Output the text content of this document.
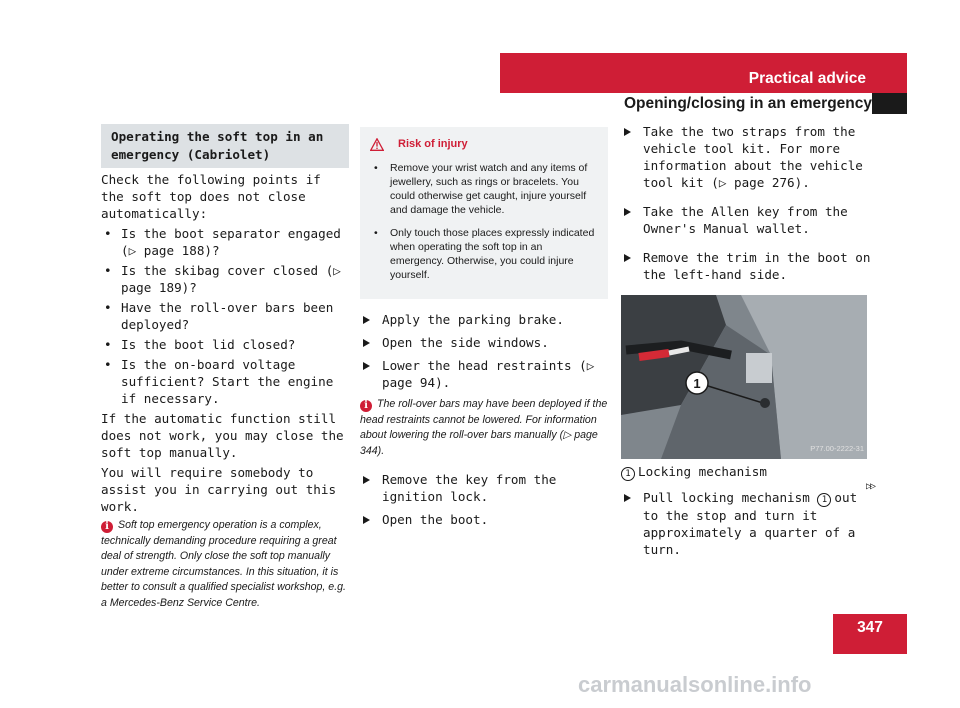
Practical advice
Opening/closing in an emergency
Operating the soft top in an emergency (Cabriolet)

Check the following points if the soft top does not close automatically:

• Is the boot separator engaged (▷ page 188)?
• Is the skibag cover closed (▷ page 189)?
• Have the roll-over bars been deployed?
• Is the boot lid closed?
• Is the on-board voltage sufficient? Start the engine if necessary.

If the automatic function still does not work, you may close the soft top manually.

You will require somebody to assist you in carrying out this work.

i Soft top emergency operation is a complex, technically demanding procedure requiring a great deal of strength. Only close the soft top manually under extreme circumstances. In this situation, it is better to consult a qualified specialist workshop, e.g. a Mercedes-Benz Service Centre.
Risk of injury
• Remove your wrist watch and any items of jewellery, such as rings or bracelets. You could otherwise get caught, injure yourself and damage the vehicle.
• Only touch those places expressly indicated when operating the soft top in an emergency. Otherwise, you could injure yourself.
Apply the parking brake.
Open the side windows.
Lower the head restraints (▷ page 94).
i The roll-over bars may have been deployed if the head restraints cannot be lowered. For information about lowering the roll-over bars manually (▷ page 344).
Remove the key from the ignition lock.
Open the boot.
Take the two straps from the vehicle tool kit. For more information about the vehicle tool kit (▷ page 276).
Take the Allen key from the Owner's Manual wallet.
Remove the trim in the boot on the left-hand side.
1
P77.00-2222-31
1 Locking mechanism
Pull locking mechanism 1 out to the stop and turn it approximately a quarter of a turn.
▷▷
347
carmanualsonline.info
